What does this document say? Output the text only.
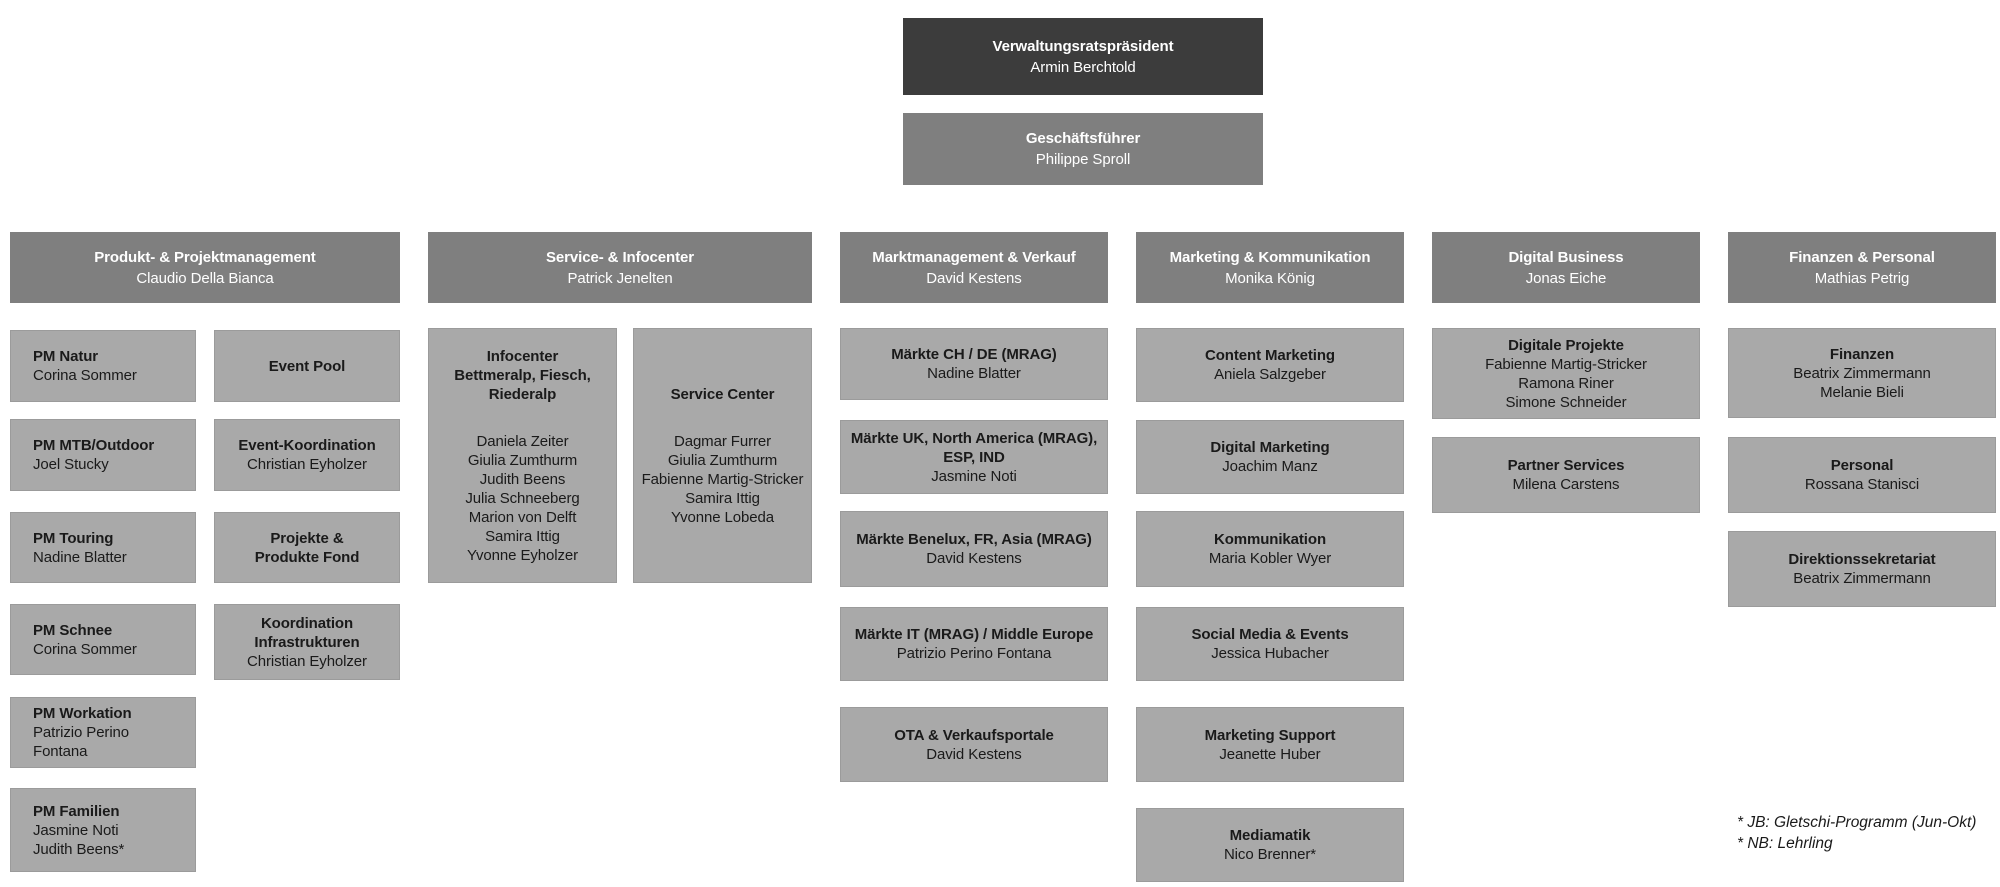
Verwaltungsratspräsident
Armin Berchtold
Geschäftsführer
Philippe Sproll
Produkt- & Projektmanagement
Claudio Della Bianca
Service- & Infocenter
Patrick Jenelten
Marktmanagement & Verkauf
David Kestens
Marketing & Kommunikation
Monika König
Digital Business
Jonas Eiche
Finanzen & Personal
Mathias Petrig
PM Natur
Corina Sommer
PM MTB/Outdoor
Joel Stucky
PM Touring
Nadine Blatter
PM Schnee
Corina Sommer
PM Workation
Patrizio Perino Fontana
PM Familien
Jasmine Noti
Judith Beens*
Event Pool
Event-Koordination
Christian Eyholzer
Projekte &
Produkte Fond
Koordination
Infrastrukturen
Christian Eyholzer
Infocenter
Bettmeralp, Fiesch,
Riederalp
Daniela Zeiter
Giulia Zumthurm
Judith Beens
Julia Schneeberg
Marion von Delft
Samira Ittig
Yvonne Eyholzer
Service Center
Dagmar Furrer
Giulia Zumthurm
Fabienne Martig-Stricker
Samira Ittig
Yvonne Lobeda
Märkte CH / DE (MRAG)
Nadine Blatter
Märkte UK, North America (MRAG),
ESP, IND
Jasmine Noti
Märkte Benelux, FR, Asia (MRAG)
David Kestens
Märkte IT (MRAG) / Middle Europe
Patrizio Perino Fontana
OTA & Verkaufsportale
David Kestens
Content Marketing
Aniela Salzgeber
Digital Marketing
Joachim Manz
Kommunikation
Maria Kobler Wyer
Social Media & Events
Jessica Hubacher
Marketing Support
Jeanette Huber
Mediamatik
Nico Brenner*
Digitale Projekte
Fabienne Martig-Stricker
Ramona Riner
Simone Schneider
Partner Services
Milena Carstens
Finanzen
Beatrix Zimmermann
Melanie Bieli
Personal
Rossana Stanisci
Direktionssekretariat
Beatrix Zimmermann
* JB: Gletschi-Programm (Jun-Okt)
* NB: Lehrling
